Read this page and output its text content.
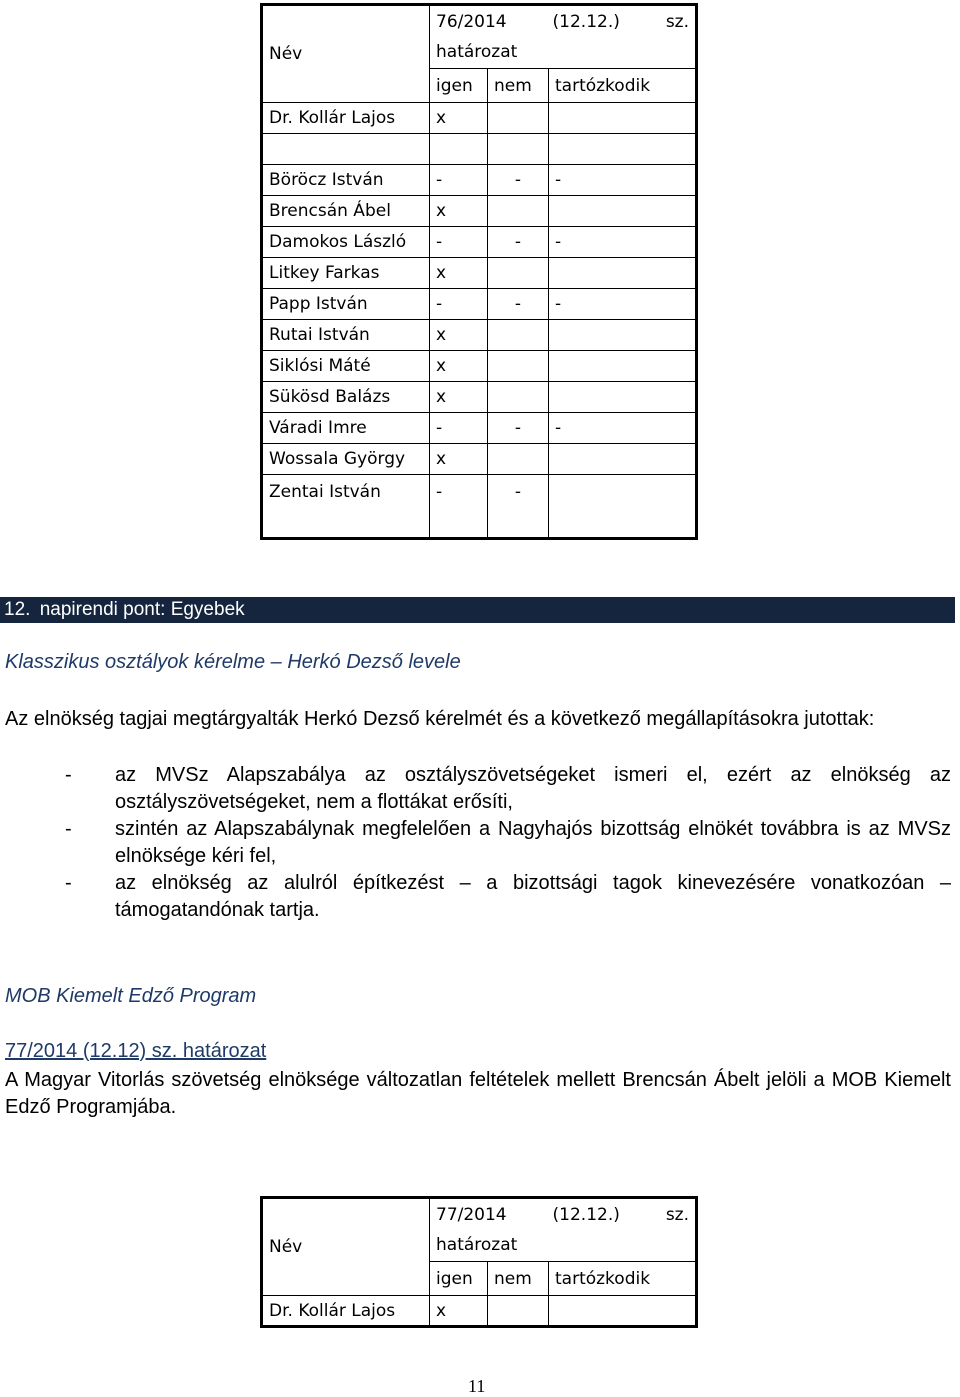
Név	76/2014 (12.12.) sz.
határozat		

	igen	nem	tartózkodik
Dr. Kollár Lajos	x		

Böröcz István	-	-	-
Brencsán Ábel	x		
Damokos László	-	-	-
Litkey Farkas	x		
Papp István	-	-	-
Rutai István	x		
Siklósi Máté	x		
Sükösd Balázs	x		
Váradi Imre	-	-	-
Wossala György	x		
Zentai István	-	-	
12. napirendi pont: Egyebek
Klasszikus osztályok kérelme – Herkó Dezső levele
Az elnökség tagjai megtárgyalták Herkó Dezső kérelmét és a következő megállapításokra jutottak:
-	az MVSz Alapszabálya az osztályszövetségeket ismeri el, ezért az elnökség az osztályszövetségeket, nem a flottákat erősíti,
-	szintén az Alapszabálynak megfelelően a Nagyhajós bizottság elnökét továbbra is az MVSz elnöksége kéri fel,
-	az elnökség az alulról építkezést – a bizottsági tagok kinevezésére vonatkozóan – támogatandónak tartja.
MOB Kiemelt Edző Program
77/2014 (12.12) sz. határozat
A Magyar Vitorlás szövetség elnöksége változatlan feltételek mellett Brencsán Ábelt jelöli a MOB Kiemelt Edző Programjába.
Név	77/2014 (12.12.) sz.
határozat		

	igen	nem	tartózkodik
Dr. Kollár Lajos	x		
11
